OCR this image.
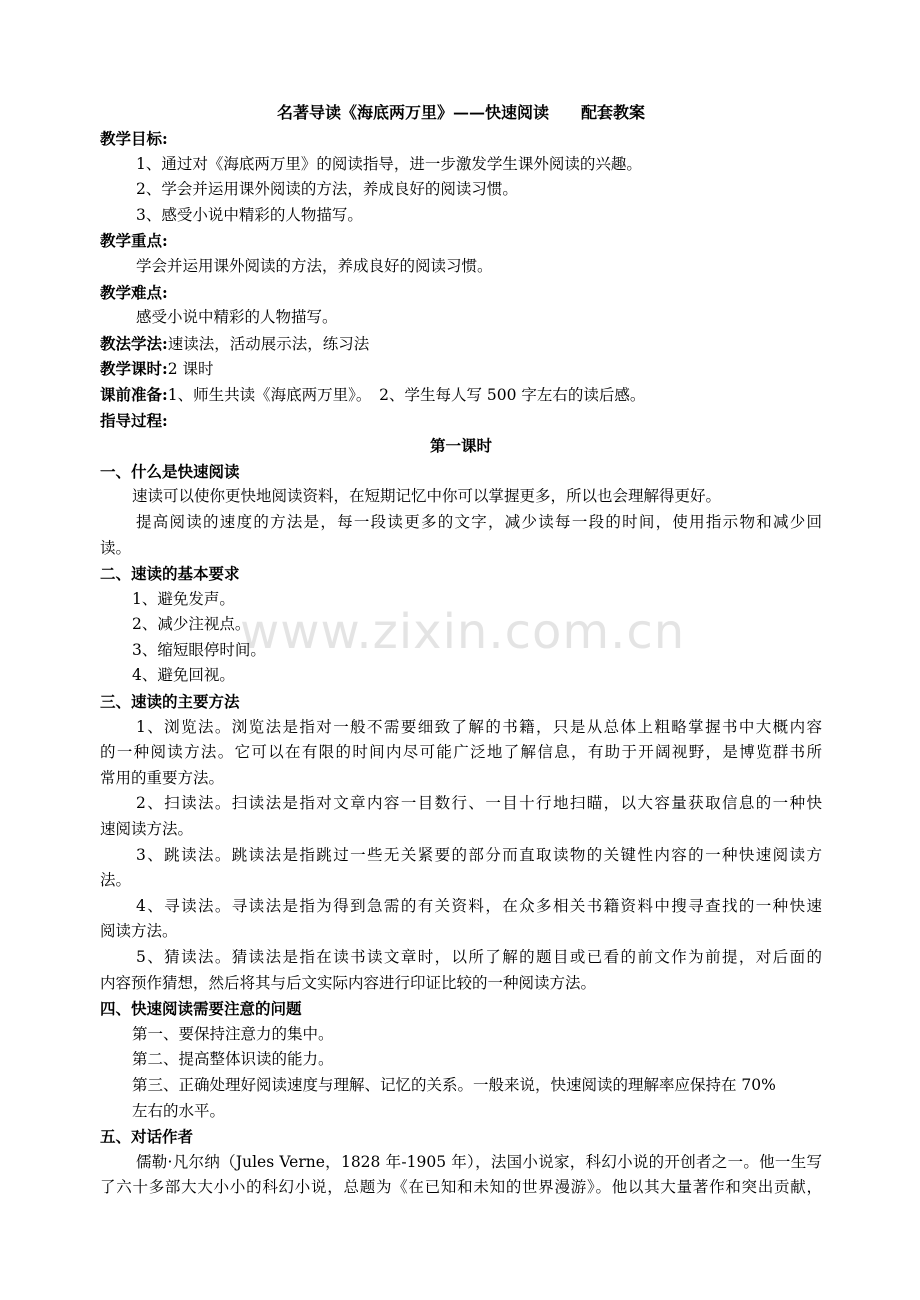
www.zixin.com.cn
名著导读《海底两万里》——快速阅读　　配套教案
教学目标:
1、通过对《海底两万里》的阅读指导，进一步激发学生课外阅读的兴趣。
2、学会并运用课外阅读的方法，养成良好的阅读习惯。
3、感受小说中精彩的人物描写。
教学重点:
学会并运用课外阅读的方法，养成良好的阅读习惯。
教学难点:
感受小说中精彩的人物描写。
教法学法:速读法，活动展示法，练习法
教学课时:2 课时
课前准备:1、师生共读《海底两万里》。　2、学生每人写 500 字左右的读后感。
指导过程:
第一课时
一、什么是快速阅读
速读可以使你更快地阅读资料，在短期记忆中你可以掌握更多，所以也会理解得更好。
提高阅读的速度的方法是，每一段读更多的文字，减少读每一段的时间，使用指示物和减少回
读。
二、速读的基本要求
1、避免发声。
2、减少注视点。
3、缩短眼停时间。
4、避免回视。
三、速读的主要方法
1、浏览法。浏览法是指对一般不需要细致了解的书籍，只是从总体上粗略掌握书中大概内容
的一种阅读方法。它可以在有限的时间内尽可能广泛地了解信息，有助于开阔视野，是博览群书所
常用的重要方法。
2、扫读法。扫读法是指对文章内容一目数行、一目十行地扫瞄，以大容量获取信息的一种快
速阅读方法。
3、跳读法。跳读法是指跳过一些无关紧要的部分而直取读物的关键性内容的一种快速阅读方
法。
4、寻读法。寻读法是指为得到急需的有关资料，在众多相关书籍资料中搜寻查找的一种快速
阅读方法。
5、猜读法。猜读法是指在读书读文章时，以所了解的题目或已看的前文作为前提，对后面的
内容预作猜想，然后将其与后文实际内容进行印证比较的一种阅读方法。
四、快速阅读需要注意的问题
第一、要保持注意力的集中。
第二、提高整体识读的能力。
第三、正确处理好阅读速度与理解、记忆的关系。一般来说，快速阅读的理解率应保持在 70%
左右的水平。
五、对话作者
儒勒·凡尔纳（Jules Verne，1828 年-1905 年），法国小说家，科幻小说的开创者之一。他一生写
了六十多部大大小小的科幻小说，总题为《在已知和未知的世界漫游》。他以其大量著作和突出贡献，
